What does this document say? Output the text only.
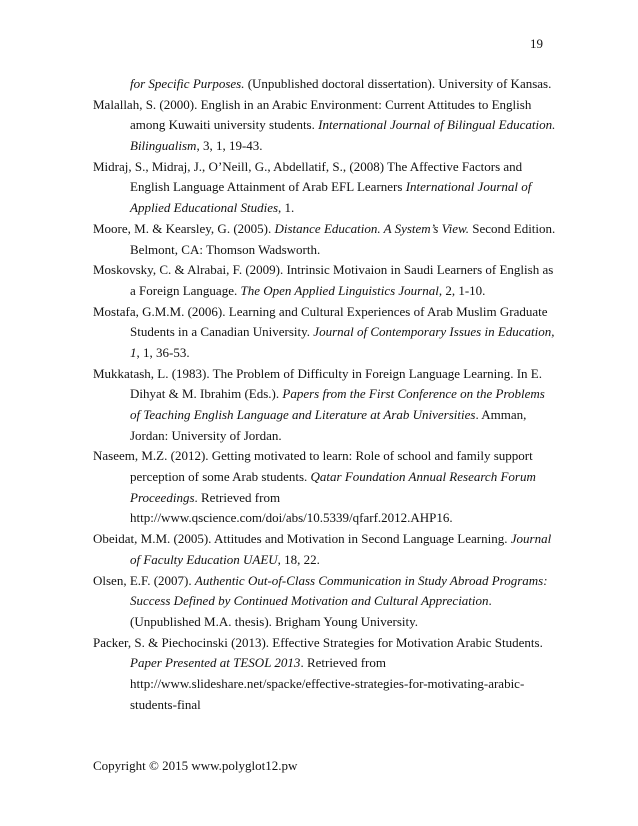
19
for Specific Purposes. (Unpublished doctoral dissertation). University of Kansas.
Malallah, S. (2000). English in an Arabic Environment: Current Attitudes to English
among Kuwaiti university students. International Journal of Bilingual Education.
Bilingualism, 3, 1, 19-43.
Midraj, S., Midraj, J., O’Neill, G., Abdellatif, S., (2008) The Affective Factors and
English Language Attainment of Arab EFL Learners International Journal of
Applied Educational Studies, 1.
Moore, M. & Kearsley, G. (2005). Distance Education. A System’s View. Second Edition.
Belmont, CA: Thomson Wadsworth.
Moskovsky, C. & Alrabai, F. (2009). Intrinsic Motivaion in Saudi Learners of English as
a Foreign Language. The Open Applied Linguistics Journal, 2, 1-10.
Mostafa, G.M.M. (2006). Learning and Cultural Experiences of Arab Muslim Graduate
Students in a Canadian University. Journal of Contemporary Issues in Education,
1, 1, 36-53.
Mukkatash, L. (1983). The Problem of Difficulty in Foreign Language Learning. In E.
Dihyat & M. Ibrahim (Eds.). Papers from the First Conference on the Problems
of Teaching English Language and Literature at Arab Universities. Amman,
Jordan: University of Jordan.
Naseem, M.Z. (2012). Getting motivated to learn: Role of school and family support
perception of some Arab students. Qatar Foundation Annual Research Forum
Proceedings. Retrieved from
http://www.qscience.com/doi/abs/10.5339/qfarf.2012.AHP16.
Obeidat, M.M. (2005). Attitudes and Motivation in Second Language Learning. Journal
of Faculty Education UAEU, 18, 22.
Olsen, E.F. (2007). Authentic Out-of-Class Communication in Study Abroad Programs:
Success Defined by Continued Motivation and Cultural Appreciation.
(Unpublished M.A. thesis). Brigham Young University.
Packer, S. & Piechocinski (2013). Effective Strategies for Motivation Arabic Students.
Paper Presented at TESOL 2013. Retrieved from
http://www.slideshare.net/spacke/effective-strategies-for-motivating-arabic-
students-final
Copyright © 2015 www.polyglot12.pw
